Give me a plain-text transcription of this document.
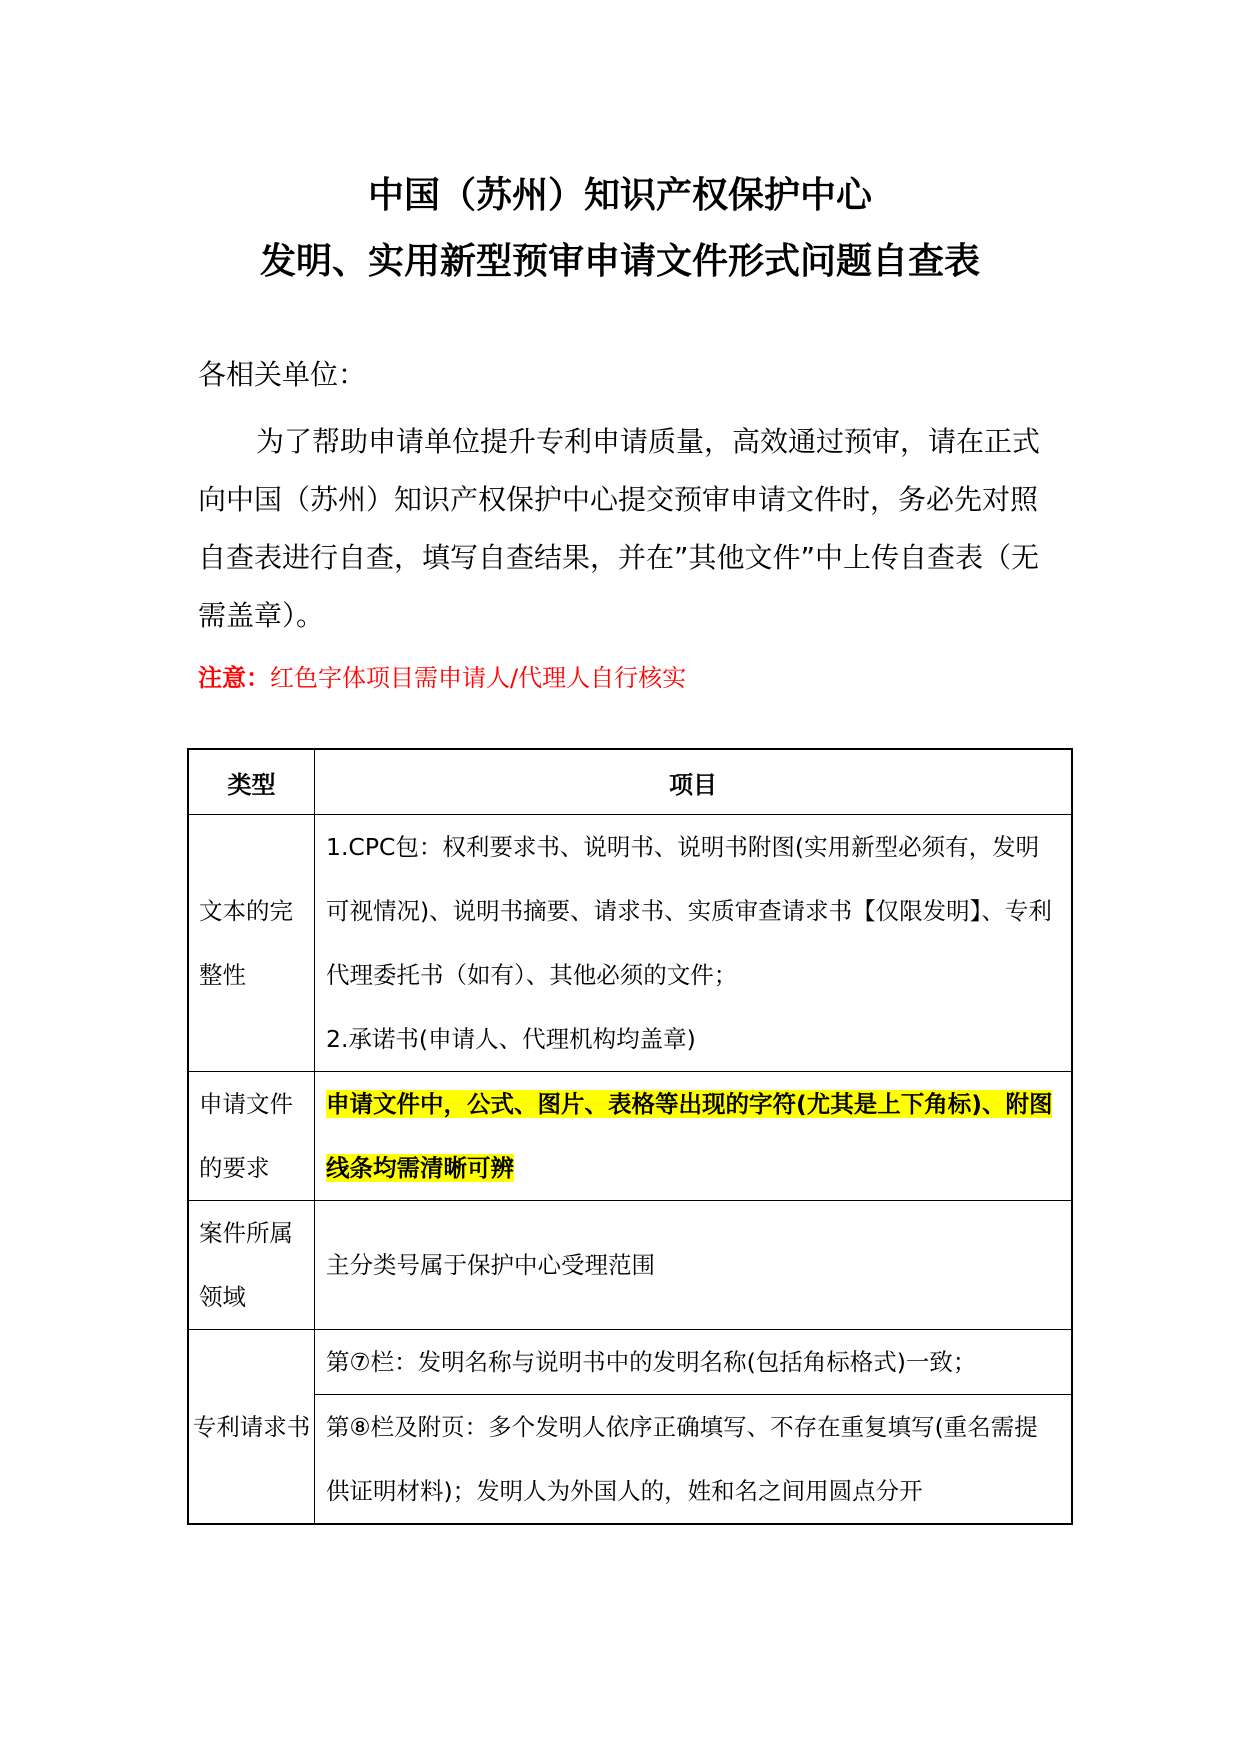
中国（苏州）知识产权保护中心
发明、实用新型预审申请文件形式问题自查表
各相关单位：

为了帮助申请单位提升专利申请质量，高效通过预审，请在正式向中国（苏州）知识产权保护中心提交预审申请文件时，务必先对照自查表进行自查，填写自查结果，并在”其他文件”中上传自查表（无需盖章）。

注意：红色字体项目需申请人/代理人自行核实
类型	项目
文本的完整性	1.CPC包：权利要求书、说明书、说明书附图(实用新型必须有，发明可视情况)、说明书摘要、请求书、实质审查请求书【仅限发明】、专利代理委托书（如有）、其他必须的文件；
2.承诺书(申请人、代理机构均盖章)

申请文件的要求	申请文件中，公式、图片、表格等出现的字符(尤其是上下角标)、附图线条均需清晰可辨
案件所属领域	主分类号属于保护中心受理范围
专利请求书	第⑦栏：发明名称与说明书中的发明名称(包括角标格式)一致；
	第⑧栏及附页：多个发明人依序正确填写、不存在重复填写(重名需提供证明材料)；发明人为外国人的，姓和名之间用圆点分开
